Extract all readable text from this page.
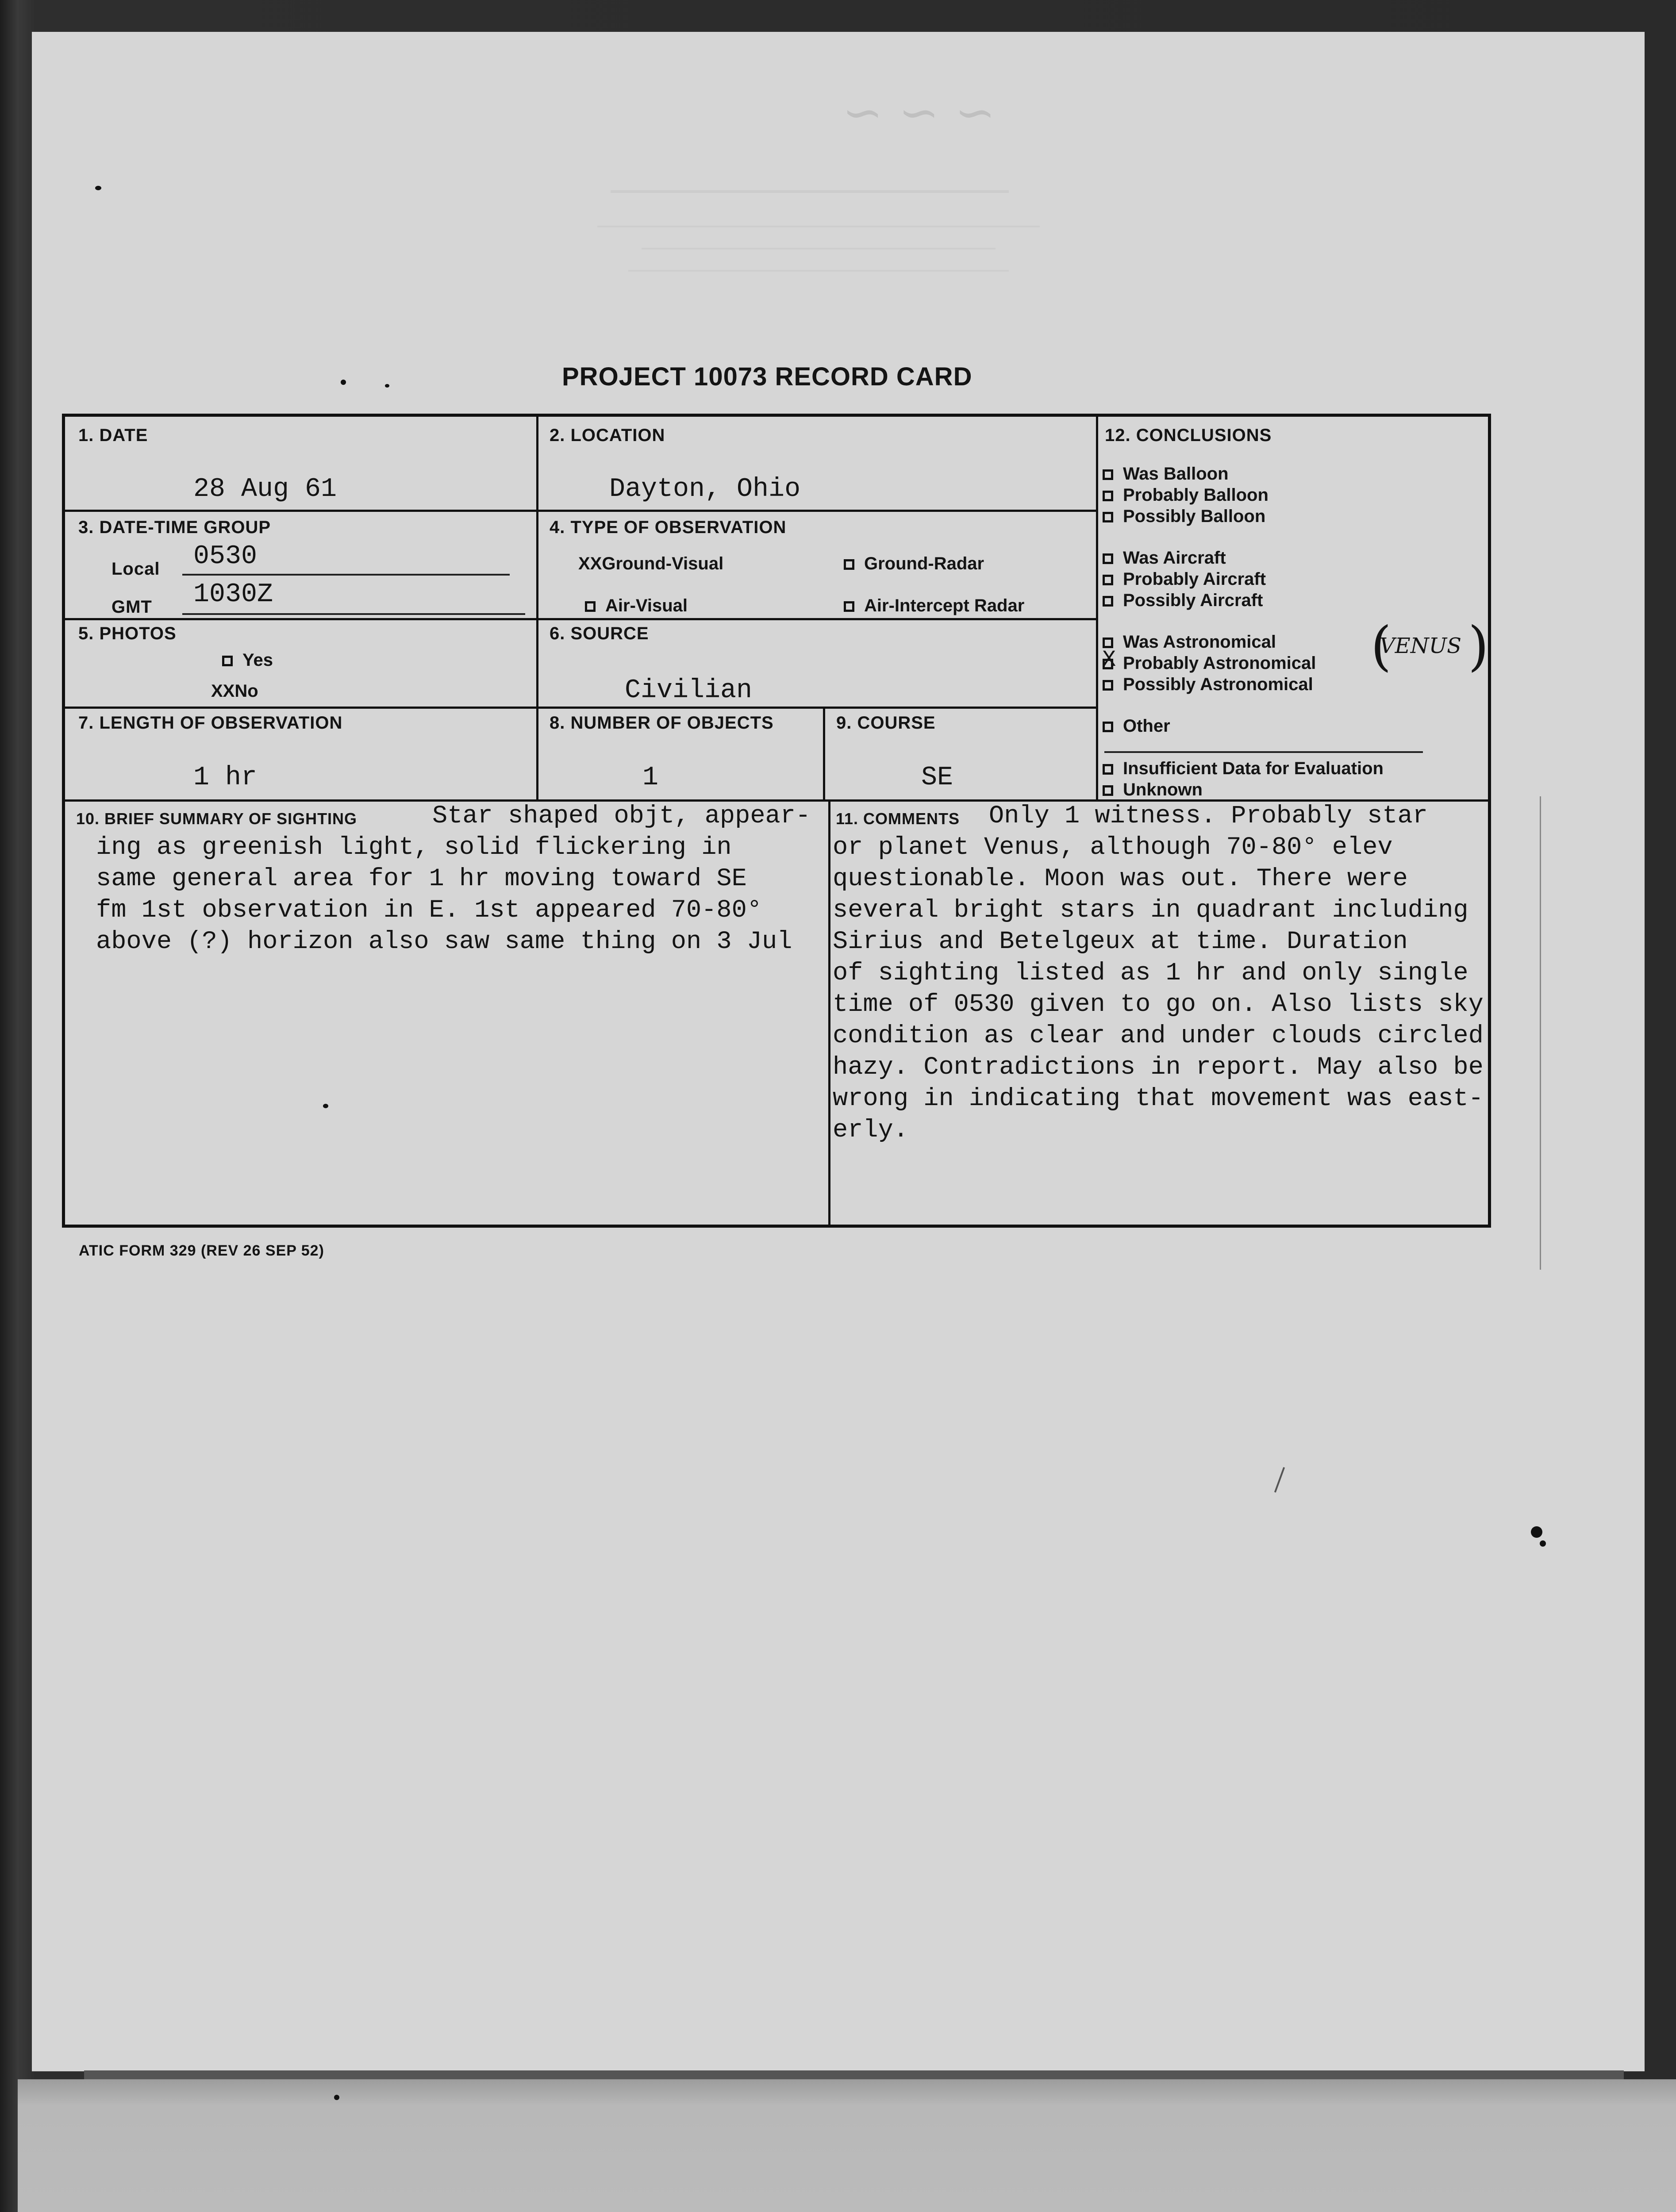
~ ~ ~
PROJECT 10073 RECORD CARD
1. DATE
28 Aug 61
2. LOCATION
Dayton, Ohio
3. DATE-TIME GROUP
Local 0530
GMT 1030Z
4. TYPE OF OBSERVATION
XXGround-Visual	Ground-Radar
Air-Visual	Air-Intercept Radar
5. PHOTOS
Yes
XXNo
6. SOURCE
Civilian
7. LENGTH OF OBSERVATION
1 hr
8. NUMBER OF OBJECTS
1
9. COURSE
SE
12. CONCLUSIONS
Was Balloon
Probably Balloon
Possibly Balloon
Was Aircraft
Probably Aircraft
Possibly Aircraft
Was Astronomical
X Probably Astronomical
Possibly Astronomical
Other
Insufficient Data for Evaluation
Unknown
10. BRIEF SUMMARY OF SIGHTING	Star shaped objt, appear-
ing as greenish light, solid flickering in
same general area for 1 hr moving toward SE
fm 1st observation in E. 1st appeared 70-80°
above (?) horizon also saw same thing on 3 Jul
11. COMMENTS Only 1 witness. Probably star
or planet Venus, although 70-80° elev
questionable. Moon was out. There were
several bright stars in quadrant including
Sirius and Betelgeux at time. Duration
of sighting listed as 1 hr and only single
time of 0530 given to go on. Also lists sky
condition as clear and under clouds circled
hazy. Contradictions in report. May also be
wrong in indicating that movement was east-
erly.
(
VENUS )
ATIC FORM 329 (REV 26 SEP 52)
